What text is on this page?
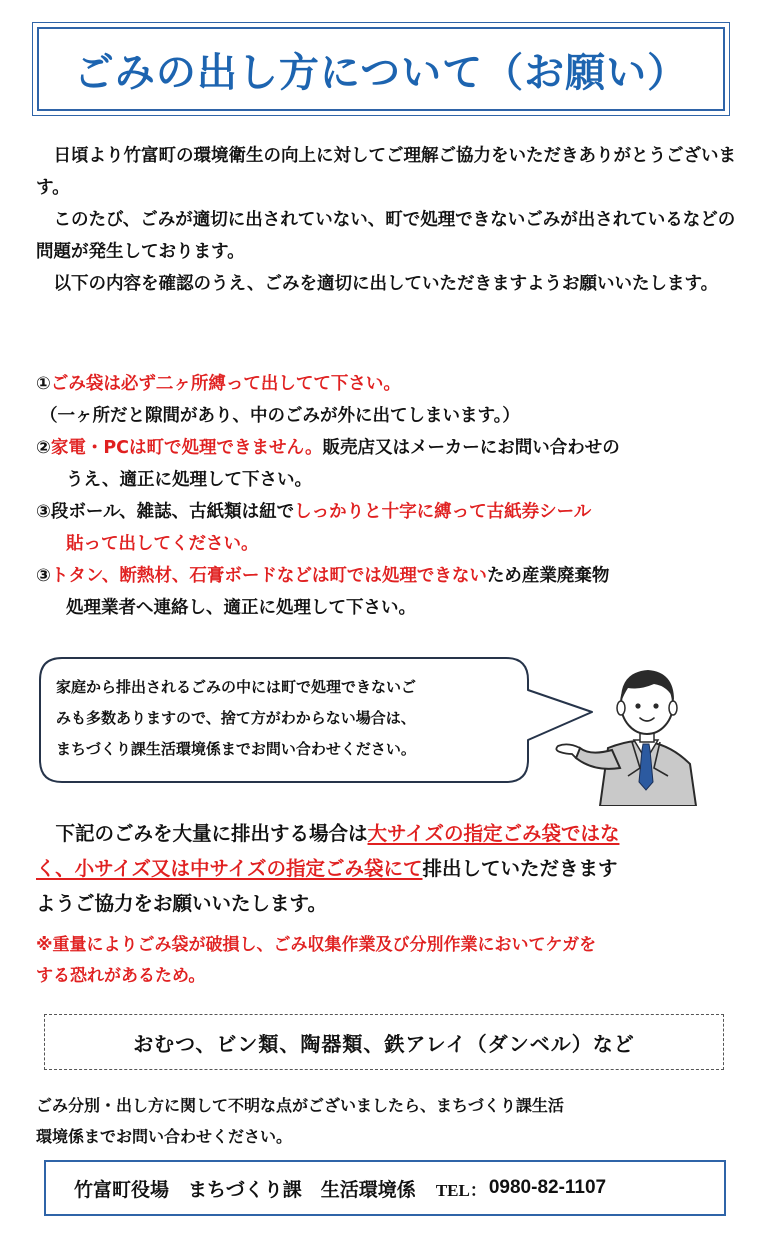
ごみの出し方について（お願い）
日頃より竹富町の環境衛生の向上に対してご理解ご協力をいただきありがとうございます。
このたび、ごみが適切に出されていない、町で処理できないごみが出されているなどの問題が発生しております。
以下の内容を確認のうえ、ごみを適切に出していただきますようお願いいたします。
①ごみ袋は必ず二ヶ所縛って出してて下さい。
（一ヶ所だと隙間があり、中のごみが外に出てしまいます。）
②家電・PCは町で処理できません。販売店又はメーカーにお問い合わせの
うえ、適正に処理して下さい。
③段ボール、雑誌、古紙類は紐でしっかりと十字に縛って古紙券シール
貼って出してください。
③トタン、断熱材、石膏ボードなどは町では処理できないため産業廃棄物
処理業者へ連絡し、適正に処理して下さい。
家庭から排出されるごみの中には町で処理できないご
みも多数ありますので、捨て方がわからない場合は、
まちづくり課生活環境係までお問い合わせください。
下記のごみを大量に排出する場合は大サイズの指定ごみ袋ではな
く、小サイズ又は中サイズの指定ごみ袋にて排出していただきます
ようご協力をお願いいたします。
※重量によりごみ袋が破損し、ごみ収集作業及び分別作業においてケガを
する恐れがあるため。
おむつ、ビン類、陶器類、鉄アレイ（ダンベル）など
ごみ分別・出し方に関して不明な点がございましたら、まちづくり課生活
環境係までお問い合わせください。
竹富町役場　まちづくり課　生活環境係 TEL： 0980-82-1107
